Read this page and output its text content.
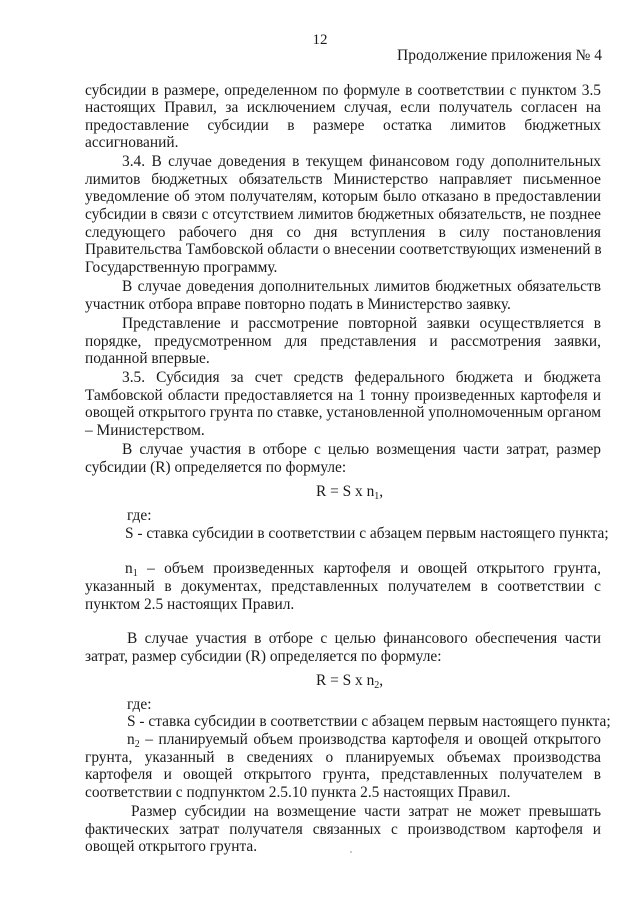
12
Продолжение приложения № 4
субсидии в размере, определенном по формуле в соответствии с пунктом 3.5
настоящих Правил, за исключением случая, если получатель согласен на
предоставление субсидии в размере остатка лимитов бюджетных
ассигнований.
3.4. В случае доведения в текущем финансовом году дополнительных
лимитов бюджетных обязательств Министерство направляет письменное
уведомление об этом получателям, которым было отказано в предоставлении
субсидии в связи с отсутствием лимитов бюджетных обязательств, не позднее
следующего рабочего дня со дня вступления в силу постановления
Правительства Тамбовской области о внесении соответствующих изменений в
Государственную программу.
В случае доведения дополнительных лимитов бюджетных обязательств
участник отбора вправе повторно подать в Министерство заявку.
Представление и рассмотрение повторной заявки осуществляется в
порядке, предусмотренном для представления и рассмотрения заявки,
поданной впервые.
3.5. Субсидия за счет средств федерального бюджета и бюджета
Тамбовской области предоставляется на 1 тонну произведенных картофеля и
овощей открытого грунта по ставке, установленной уполномоченным органом
– Министерством.
В случае участия в отборе с целью возмещения части затрат, размер
субсидии (R) определяется по формуле:
R = S x $n_1$,
где:
S - ставка субсидии в соответствии с абзацем первым настоящего пункта;
$n_1$ – объем произведенных картофеля и овощей открытого грунта,
указанный в документах, представленных получателем в соответствии с
пунктом 2.5 настоящих Правил.
В случае участия в отборе с целью финансового обеспечения части
затрат, размер субсидии (R) определяется по формуле:
R = S x $n_2$,
где:
S - ставка субсидии в соответствии с абзацем первым настоящего пункта;
$n_2$ – планируемый объем производства картофеля и овощей открытого
грунта, указанный в сведениях о планируемых объемах производства
картофеля и овощей открытого грунта, представленных получателем в
соответствии с подпунктом 2.5.10 пункта 2.5 настоящих Правил.
Размер субсидии на возмещение части затрат не может превышать
фактических затрат получателя связанных с производством картофеля и
овощей открытого грунта.
